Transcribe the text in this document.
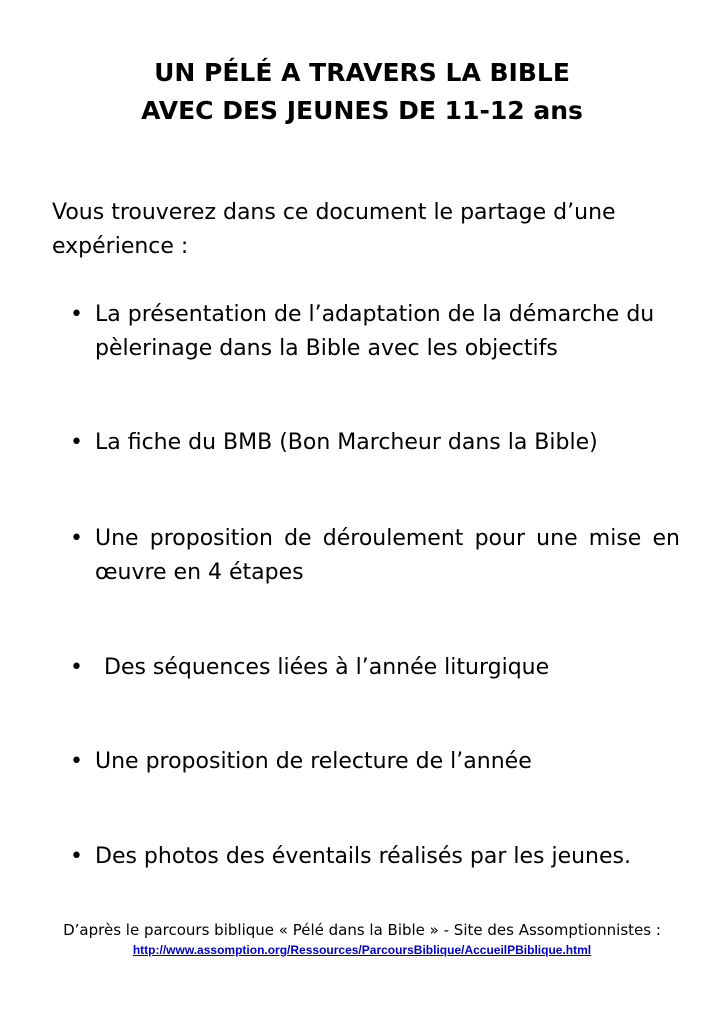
UN PÉLÉ A TRAVERS LA BIBLE
AVEC DES JEUNES DE 11-12 ans
Vous trouverez dans ce document le partage d’une expérience :
• La présentation de l’adaptation de la démarche du pèlerinage dans la Bible avec les objectifs
• La fiche du BMB (Bon Marcheur dans la Bible)
• Une proposition de déroulement pour une mise en œuvre en 4 étapes
• Des séquences liées à l’année liturgique
• Une proposition de relecture de l’année
• Des photos des éventails réalisés par les jeunes.
D’après le parcours biblique « Pélé dans la Bible » - Site des Assomptionnistes :
http://www.assomption.org/Ressources/ParcoursBiblique/AccueilPBiblique.html
